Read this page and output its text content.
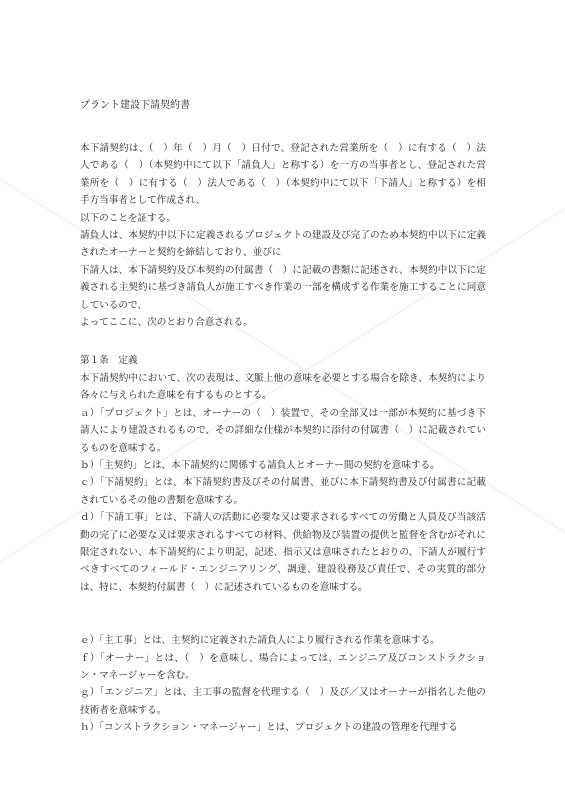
プラント建設下請契約書

本下請契約は、（　）年（　）月（　）日付で、登記された営業所を（　）に有する（　）法人である（　）（本契約中にて以下「請負人」と称する）を一方の当事者とし、登記された営業所を（　）に有する（　）法人である（　）（本契約中にて以下「下請人」と称する）を相手方当事者として作成され、

以下のことを証する。

請負人は、本契約中以下に定義されるプロジェクトの建設及び完了のため本契約中以下に定義されたオーナーと契約を締結しており、並びに

下請人は、本下請契約及び本契約の付属書（　）に記載の書類に記述され、本契約中以下に定義される主契約に基づき請負人が施工すべき作業の一部を構成する作業を施工することに同意しているので、

よってここに、次のとおり合意される。

第１条　定義

本下請契約中において、次の表現は、文脈上他の意味を必要とする場合を除き、本契約により各々に与えられた意味を有するものとする。

ａ）「プロジェクト」とは、オーナーの（　）装置で、その全部又は一部が本契約に基づき下請人により建設されるもので、その詳細な仕様が本契約に添付の付属書（　）に記載されているものを意味する。

ｂ）「主契約」とは、本下請契約に関係する請負人とオーナー間の契約を意味する。

ｃ）「下請契約」とは、本下請契約書及びその付属書、並びに本下請契約書及び付属書に記載されているその他の書類を意味する。

ｄ）「下請工事」とは、下請人の活動に必要な又は要求されるすべての労働と人員及び当該活動の完了に必要な又は要求されるすべての材料、供給物及び装置の提供と監督を含むがそれに限定されない、本下請契約により明記、記述、指示又は意味されたとおりの、下請人が履行すべきすべてのフィールド・エンジニアリング、調達、建設役務及び責任で、その実質的部分は、特に、本契約付属書（　）に記述されているものを意味する。

ｅ）「主工事」とは、主契約に定義された請負人により履行される作業を意味する。

ｆ）「オーナー」とは、（　）を意味し、場合によっては、エンジニア及びコンストラクション・マネージャーを含む。

ｇ）「エンジニア」とは、主工事の監督を代理する（　）及び／又はオーナーが指名した他の技術者を意味する。

ｈ）「コンストラクション・マネージャー」とは、プロジェクトの建設の管理を代理する
